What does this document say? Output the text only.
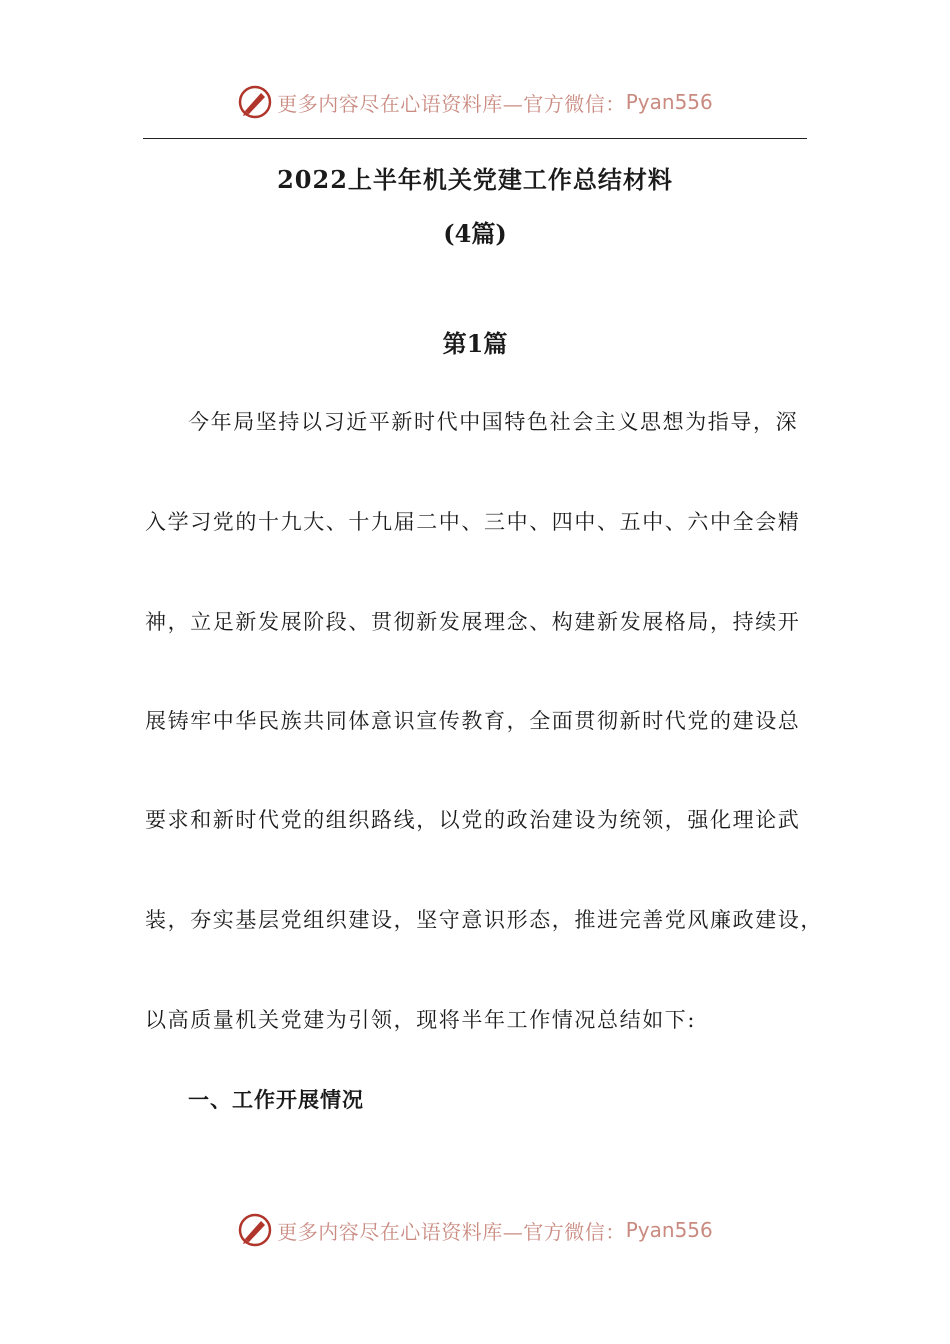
更多内容尽在心语资料库—官方微信： Pyan556
2022上半年机关党建工作总结材料
(4篇)
第1篇
今年局坚持以习近平新时代中国特色社会主义思想为指导，深
入学习党的十九大、十九届二中、三中、四中、五中、六中全会精
神，立足新发展阶段、贯彻新发展理念、构建新发展格局，持续开
展铸牢中华民族共同体意识宣传教育，全面贯彻新时代党的建设总
要求和新时代党的组织路线，以党的政治建设为统领，强化理论武
装，夯实基层党组织建设，坚守意识形态，推进完善党风廉政建设，
以高质量机关党建为引领，现将半年工作情况总结如下:
一、工作开展情况
更多内容尽在心语资料库—官方微信： Pyan556
